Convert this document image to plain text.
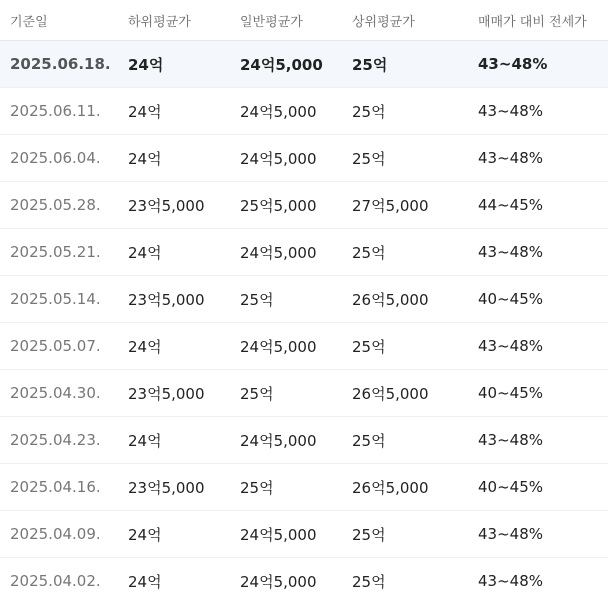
기준일	하위평균가	일반평균가	상위평균가	매매가 대비 전세가
2025.06.18.	24억	24억5,000	25억	43~48%
2025.06.11.	24억	24억5,000	25억	43~48%
2025.06.04.	24억	24억5,000	25억	43~48%
2025.05.28.	23억5,000	25억5,000	27억5,000	44~45%
2025.05.21.	24억	24억5,000	25억	43~48%
2025.05.14.	23억5,000	25억	26억5,000	40~45%
2025.05.07.	24억	24억5,000	25억	43~48%
2025.04.30.	23억5,000	25억	26억5,000	40~45%
2025.04.23.	24억	24억5,000	25억	43~48%
2025.04.16.	23억5,000	25억	26억5,000	40~45%
2025.04.09.	24억	24억5,000	25억	43~48%
2025.04.02.	24억	24억5,000	25억	43~48%
